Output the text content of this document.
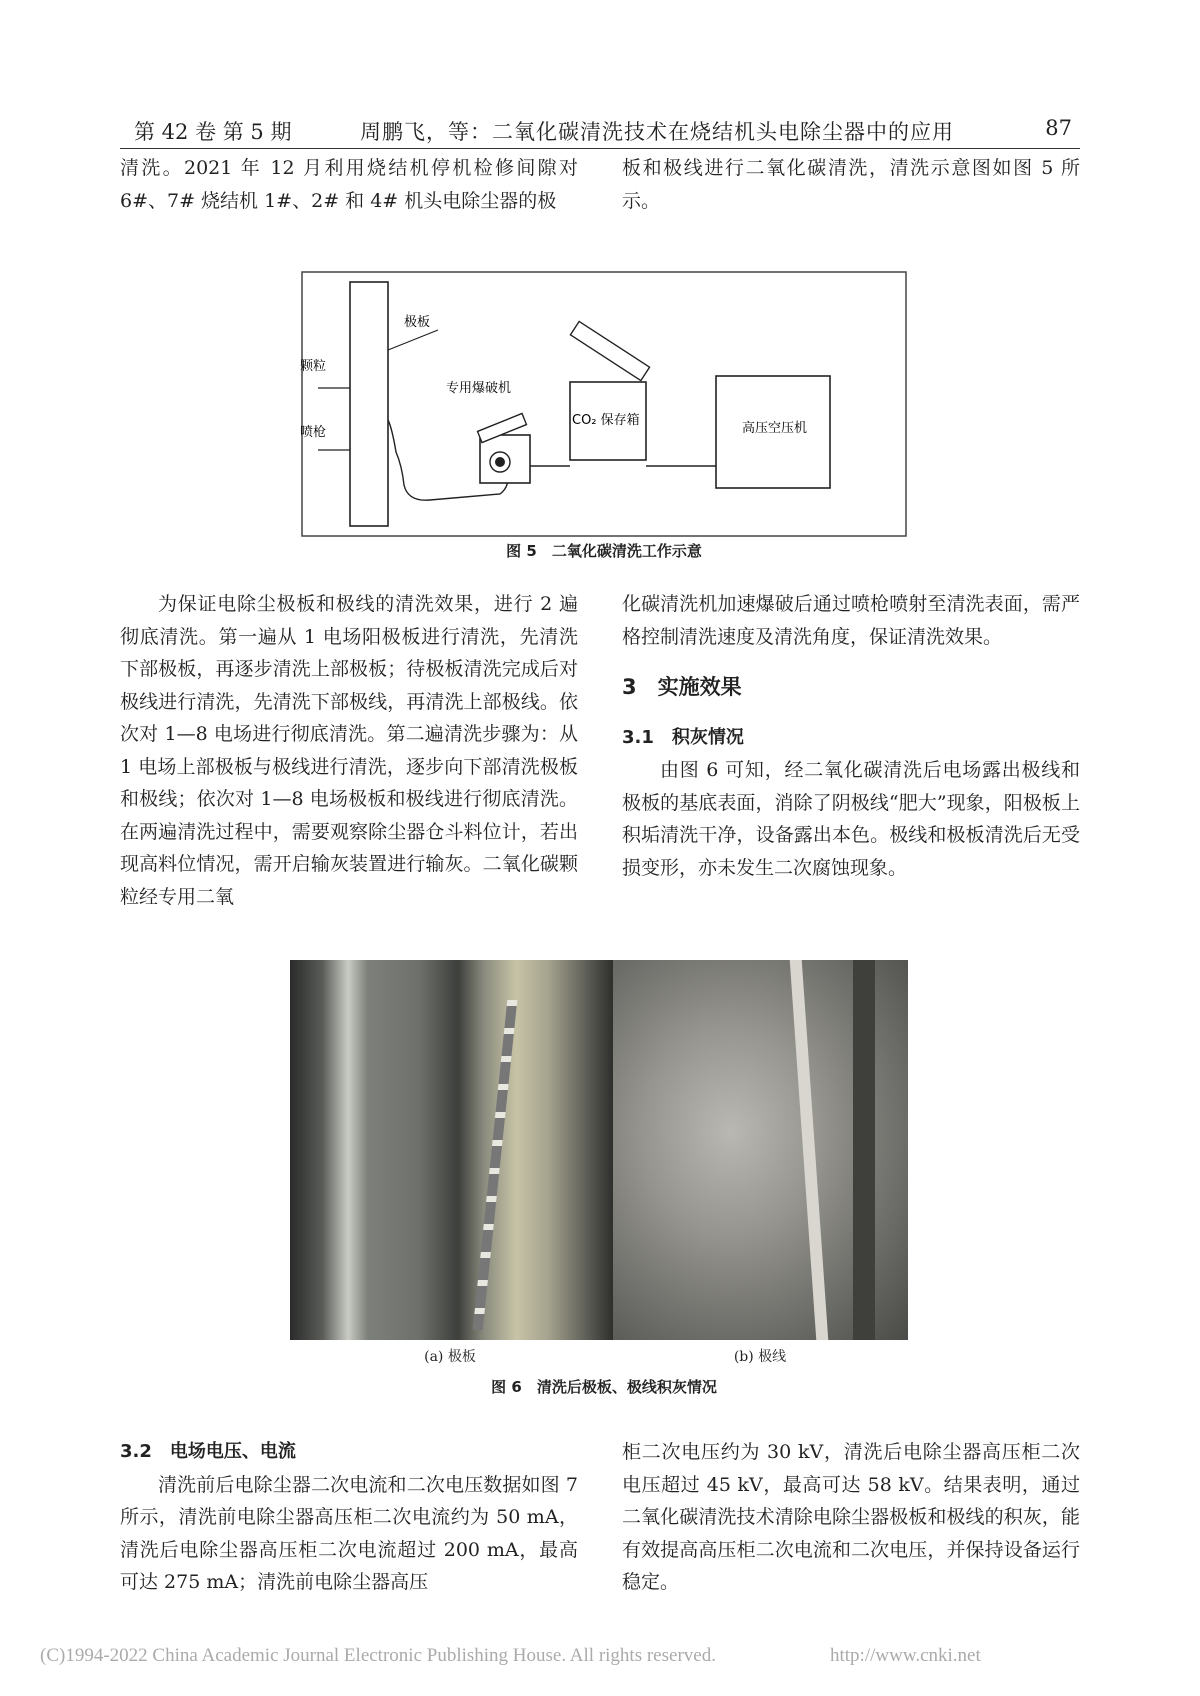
第 42 卷 第 5 期	周鹏飞，等：二氧化碳清洗技术在烧结机头电除尘器中的应用	87

清洗。2021 年 12 月利用烧结机停机检修间隙对 6#、7# 烧结机 1#、2# 和 4# 机头电除尘器的极

板和极线进行二氧化碳清洗，清洗示意图如图 5 所示。

极板
颗粒
喷枪
专用爆破机
CO₂ 保存箱
高压空压机
图 5　二氧化碳清洗工作示意

为保证电除尘极板和极线的清洗效果，进行 2 遍彻底清洗。第一遍从 1 电场阳极板进行清洗，先清洗下部极板，再逐步清洗上部极板；待极板清洗完成后对极线进行清洗，先清洗下部极线，再清洗上部极线。依次对 1—8 电场进行彻底清洗。第二遍清洗步骤为：从 1 电场上部极板与极线进行清洗，逐步向下部清洗极板和极线；依次对 1—8 电场极板和极线进行彻底清洗。在两遍清洗过程中，需要观察除尘器仓斗料位计，若出现高料位情况，需开启输灰装置进行输灰。二氧化碳颗粒经专用二氧

化碳清洗机加速爆破后通过喷枪喷射至清洗表面，需严格控制清洗速度及清洗角度，保证清洗效果。

3　实施效果

3.1　积灰情况

由图 6 可知，经二氧化碳清洗后电场露出极线和极板的基底表面，消除了阴极线“肥大”现象，阳极板上积垢清洗干净，设备露出本色。极线和极板清洗后无受损变形，亦未发生二次腐蚀现象。

(a) 极板	(b) 极线
图 6　清洗后极板、极线积灰情况

3.2　电场电压、电流

清洗前后电除尘器二次电流和二次电压数据如图 7 所示，清洗前电除尘器高压柜二次电流约为 50 mA，清洗后电除尘器高压柜二次电流超过 200 mA，最高可达 275 mA；清洗前电除尘器高压

柜二次电压约为 30 kV，清洗后电除尘器高压柜二次电压超过 45 kV，最高可达 58 kV。结果表明，通过二氧化碳清洗技术清除电除尘器极板和极线的积灰，能有效提高高压柜二次电流和二次电压，并保持设备运行稳定。

(C)1994-2022 China Academic Journal Electronic Publishing House. All rights reserved.	http://www.cnki.net
